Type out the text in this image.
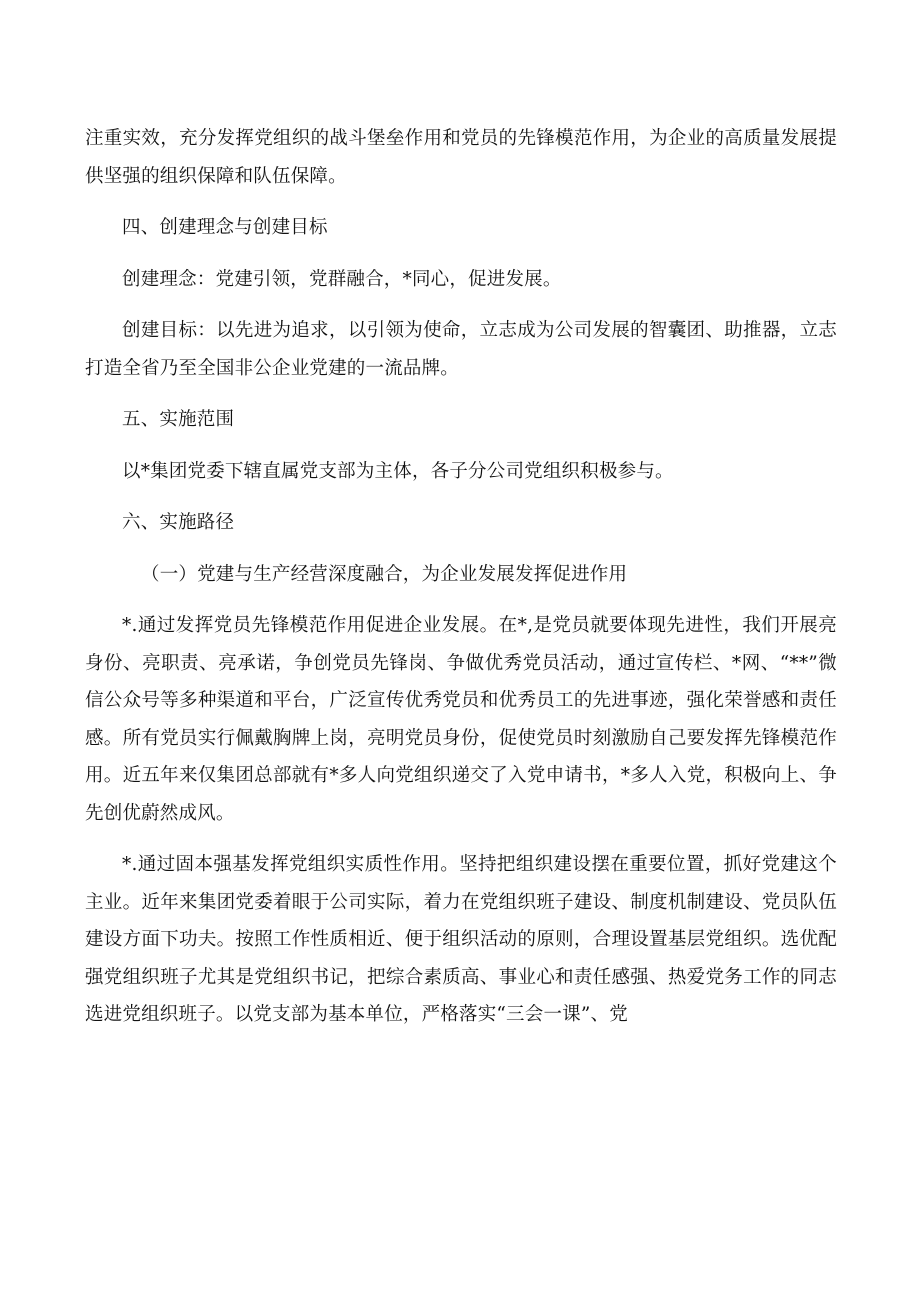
注重实效，充分发挥党组织的战斗堡垒作用和党员的先锋模范作用，为企业的高质量发展提供坚强的组织保障和队伍保障。

四、创建理念与创建目标

创建理念：党建引领，党群融合，*同心，促进发展。

创建目标：以先进为追求，以引领为使命，立志成为公司发展的智囊团、助推器，立志打造全省乃至全国非公企业党建的一流品牌。

五、实施范围

以*集团党委下辖直属党支部为主体，各子分公司党组织积极参与。

六、实施路径

（一）党建与生产经营深度融合，为企业发展发挥促进作用

*.通过发挥党员先锋模范作用促进企业发展。在*,是党员就要体现先进性，我们开展亮身份、亮职责、亮承诺，争创党员先锋岗、争做优秀党员活动，通过宣传栏、*网、“**”微信公众号等多种渠道和平台，广泛宣传优秀党员和优秀员工的先进事迹，强化荣誉感和责任感。所有党员实行佩戴胸牌上岗，亮明党员身份，促使党员时刻激励自己要发挥先锋模范作用。近五年来仅集团总部就有*多人向党组织递交了入党申请书，*多人入党，积极向上、争先创优蔚然成风。

*.通过固本强基发挥党组织实质性作用。坚持把组织建设摆在重要位置，抓好党建这个主业。近年来集团党委着眼于公司实际，着力在党组织班子建设、制度机制建设、党员队伍建设方面下功夫。按照工作性质相近、便于组织活动的原则，合理设置基层党组织。选优配强党组织班子尤其是党组织书记，把综合素质高、事业心和责任感强、热爱党务工作的同志选进党组织班子。以党支部为基本单位，严格落实“三会一课”、党
